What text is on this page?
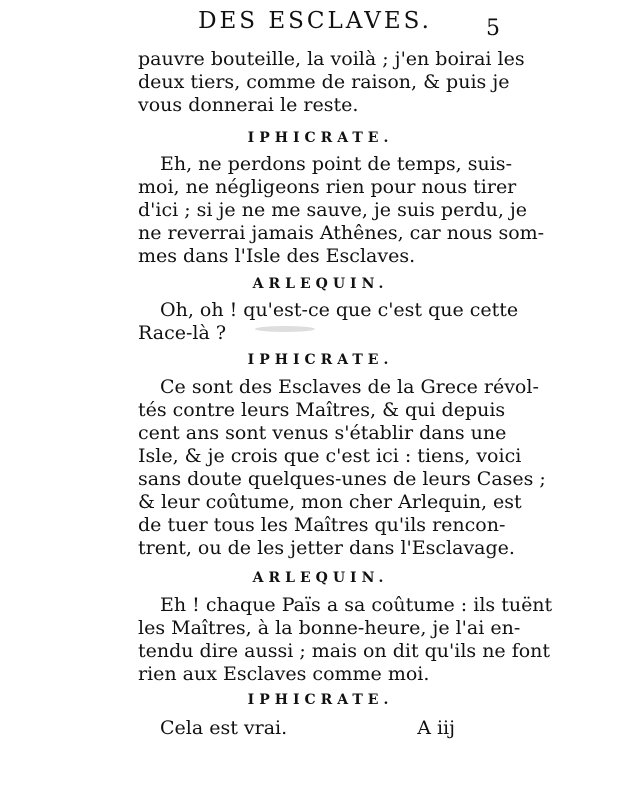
DES ESCLAVES.	5
pauvre bouteille, la voilà ; j'en boirai les
deux tiers, comme de raison, & puis je
vous donnerai le reste.
IPHICRATE.
Eh, ne perdons point de temps, suis-
moi, ne négligeons rien pour nous tirer
d'ici ; si je ne me sauve, je suis perdu, je
ne reverrai jamais Athênes, car nous som-
mes dans l'Isle des Esclaves.
ARLEQUIN.
Oh, oh ! qu'est-ce que c'est que cette
Race-là ?
IPHICRATE.
Ce sont des Esclaves de la Grece révol-
tés contre leurs Maîtres, & qui depuis
cent ans sont venus s'établir dans une
Isle, & je crois que c'est ici : tiens, voici
sans doute quelques-unes de leurs Cases ;
& leur coûtume, mon cher Arlequin, est
de tuer tous les Maîtres qu'ils rencon-
trent, ou de les jetter dans l'Esclavage.
ARLEQUIN.
Eh ! chaque Païs a sa coûtume : ils tuënt
les Maîtres, à la bonne-heure, je l'ai en-
tendu dire aussi ; mais on dit qu'ils ne font
rien aux Esclaves comme moi.
IPHICRATE.
Cela est vrai.	A iij
